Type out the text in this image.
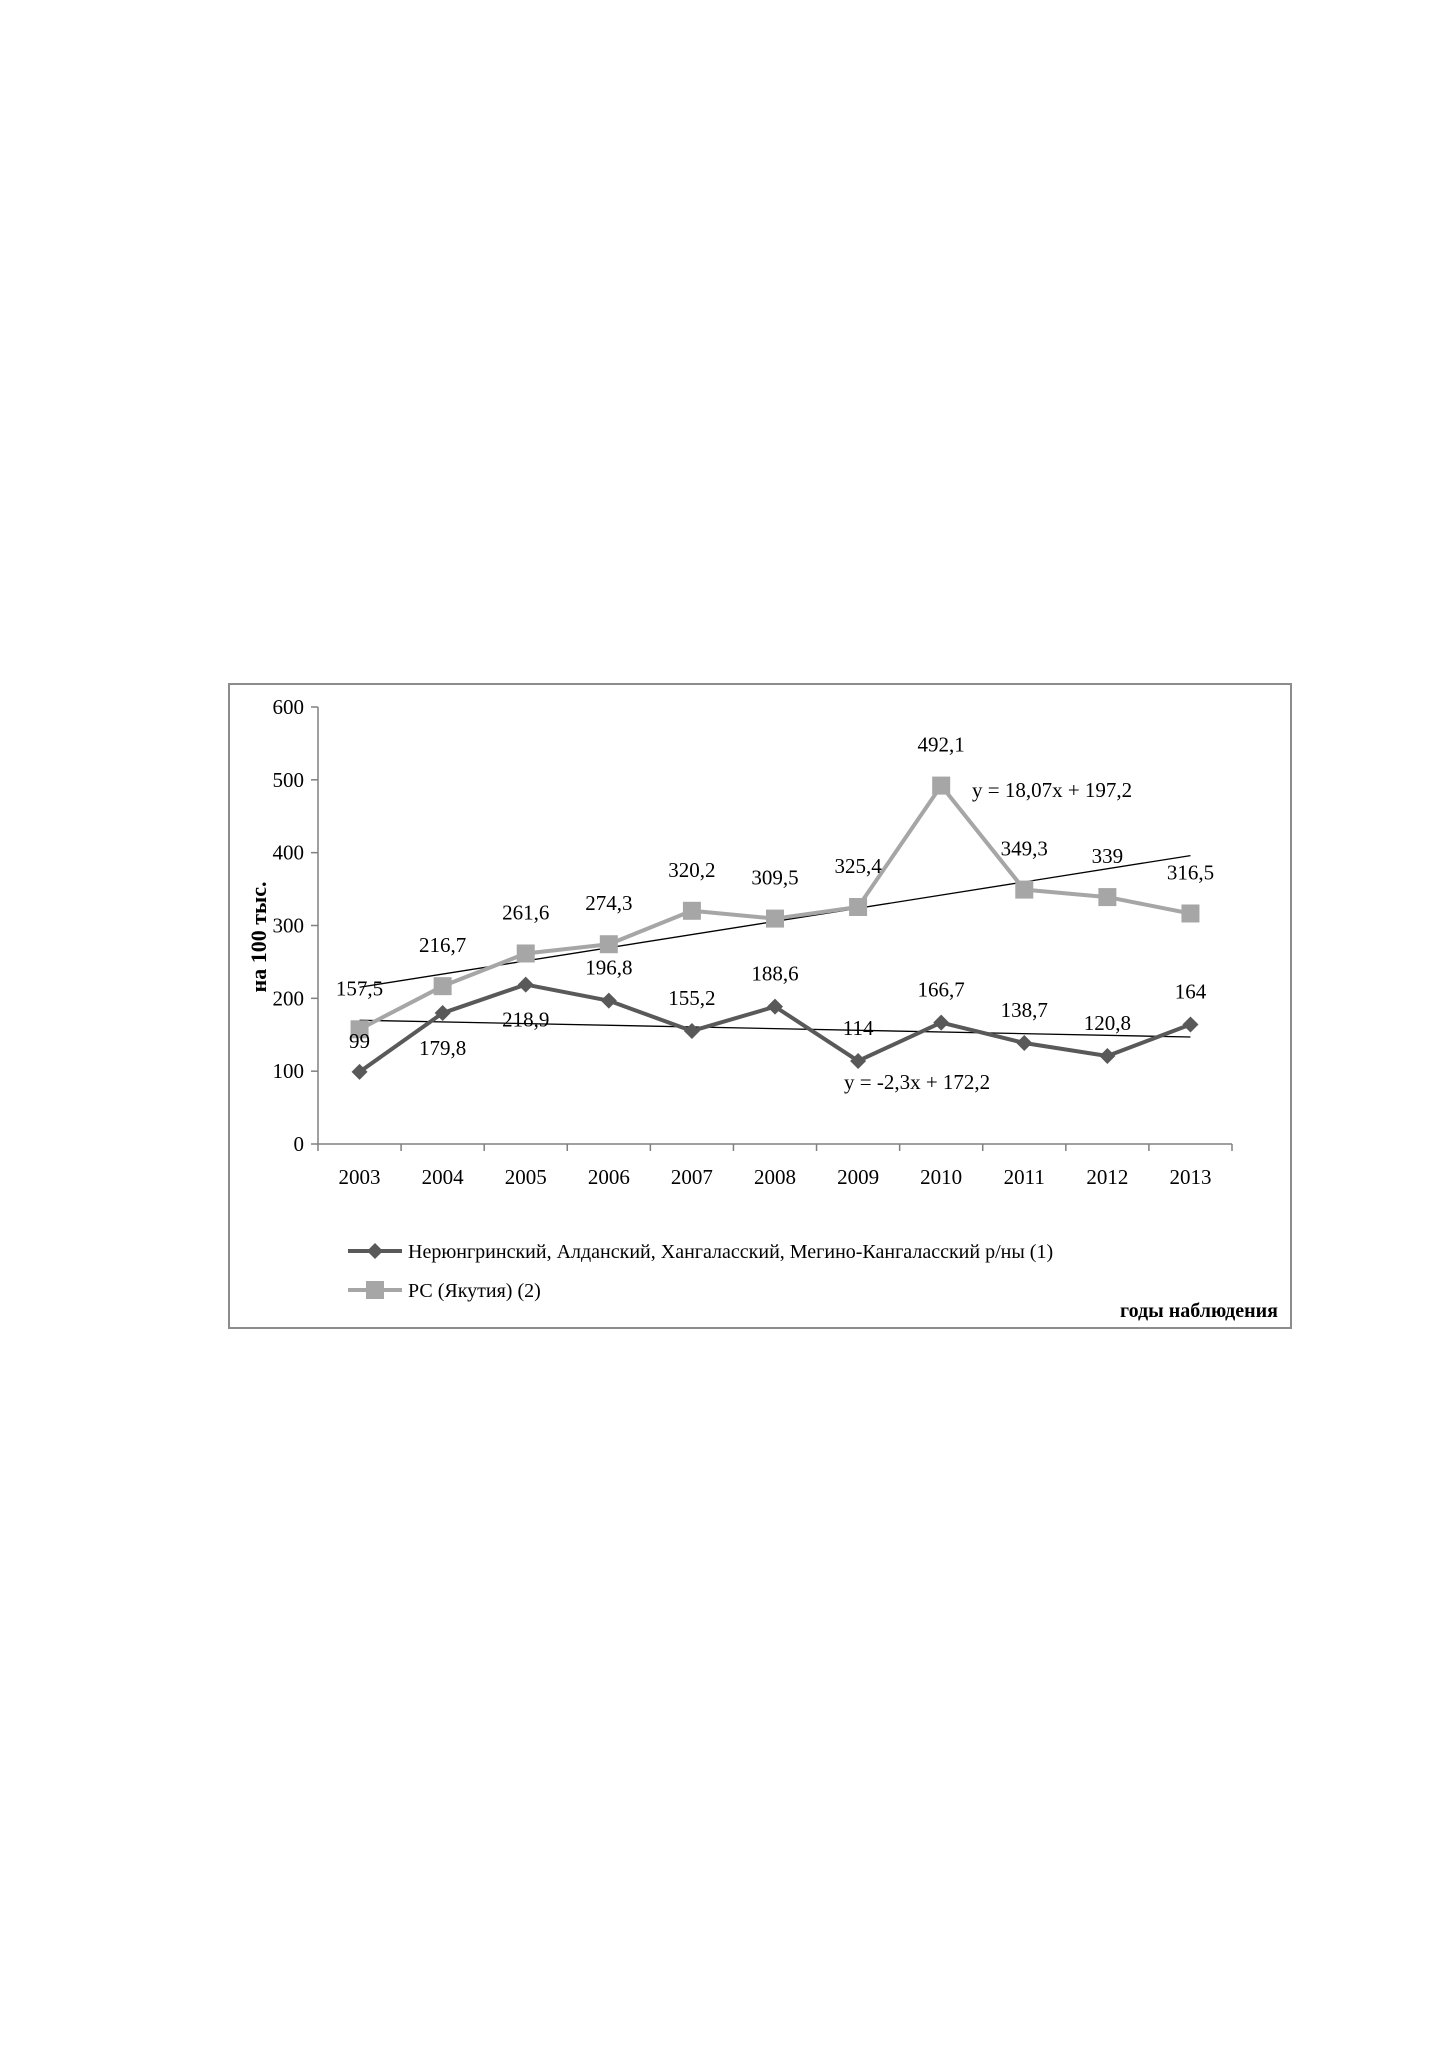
0
100
200
300
400
500
600
2003 2004 2005 2006 2007 2008 2009 2010 2011 2012 2013
99 179,8
218,9
196,8
155,2
188,6
114
166,7
138,7
120,8
164
157,5
216,7
261,6 274,3
320,2 309,5 325,4
492,1
349,3 339
316,5
y = 18,07x + 197,2
y = -2,3x + 172,2
на 100 тыс.
годы наблюдения
Нерюнгринский, Алданский, Хангаласский, Мегино-Кангаласский р/ны (1)
РС (Якутия) (2)
